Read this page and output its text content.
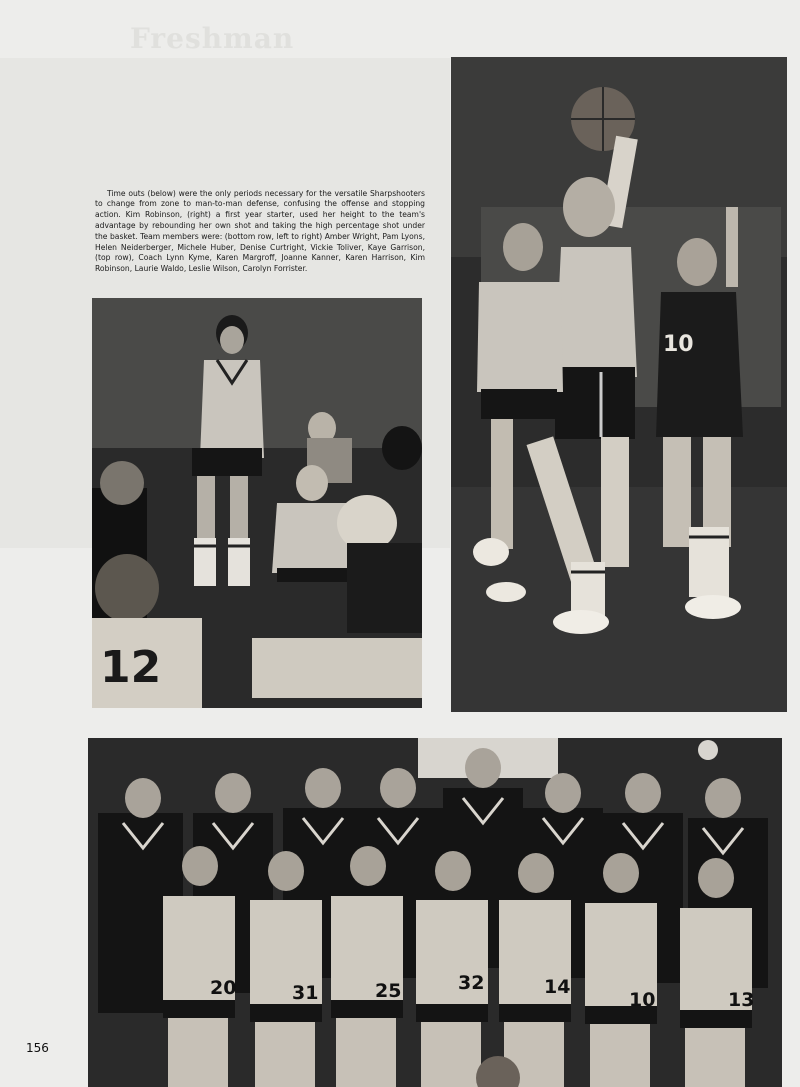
Freshman

Time outs (below) were the only periods necessary for the versatile Sharpshooters to change from zone to man-to-man defense, confusing the offense and stopping action. Kim Robinson, (right) a first year starter, used her height to the team's advantage by rebounding her own shot and taking the high percentage shot under the basket. Team members were: (bottom row, left to right) Amber Wright, Pam Lyons, Helen Neiderberger, Michele Huber, Denise Curtright, Vickie Toliver, Kaye Garrison, (top row), Coach Lynn Kyme, Karen Margroff, Joanne Kanner, Karen Harrison, Kim Robinson, Laurie Waldo, Leslie Wilson, Carolyn Forrister.

12
10
20	31	25	32	14
10	13
156
